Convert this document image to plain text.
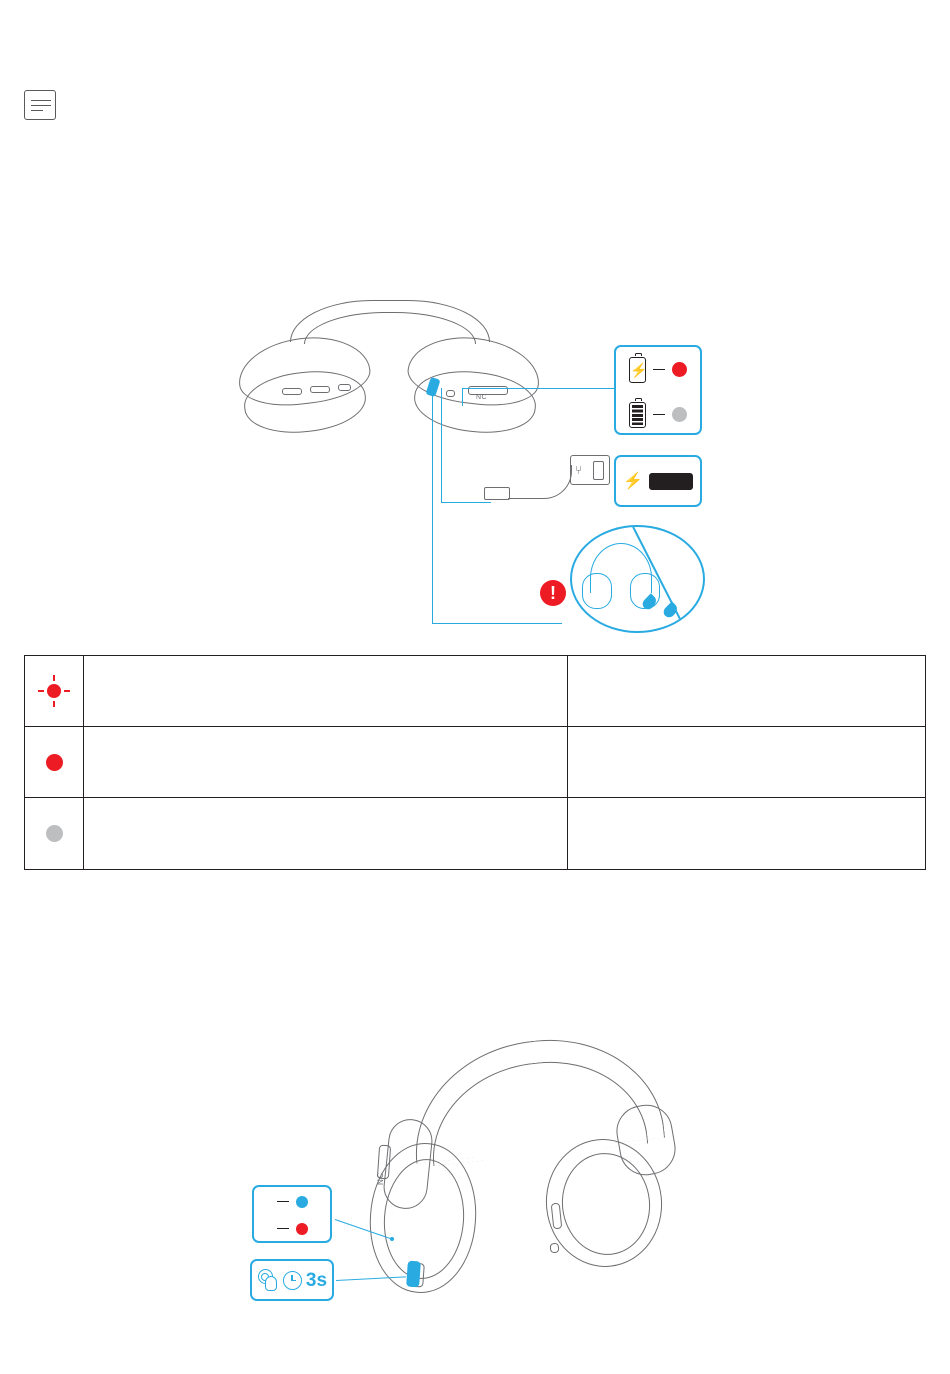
NC
⚡
⑂
⚡
!
NC
3s
